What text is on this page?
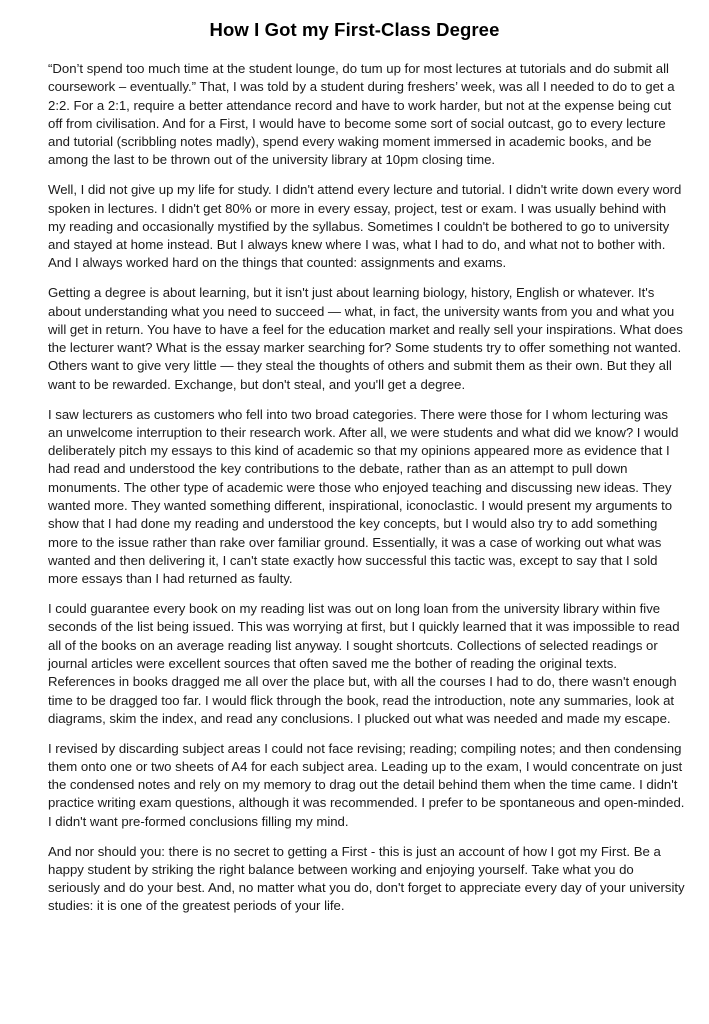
How I Got my First-Class Degree

“Don’t spend too much time at the student lounge, do tum up for most lectures at tutorials and do submit all coursework – eventually.” That, I was told by a student during freshers’ week, was all I needed to do to get a 2:2. For a 2:1, require a better attendance record and have to work harder, but not at the expense being cut off from civilisation. And for a First, I would have to become some sort of social outcast, go to every lecture and tutorial (scribbling notes madly), spend every waking moment immersed in academic books, and be among the last to be thrown out of the university library at 10pm closing time.

Well, I did not give up my life for study. I didn't attend every lecture and tutorial. I didn't write down every word spoken in lectures. I didn't get 80% or more in every essay, project, test or exam. I was usually behind with my reading and occasionally mystified by the syllabus. Sometimes I couldn't be bothered to go to university and stayed at home instead. But I always knew where I was, what I had to do, and what not to bother with. And I always worked hard on the things that counted: assignments and exams.

Getting a degree is about learning, but it isn't just about learning biology, history, English or whatever. It's about understanding what you need to succeed — what, in fact, the university wants from you and what you will get in return. You have to have a feel for the education market and really sell your inspirations. What does the lecturer want? What is the essay marker searching for? Some students try to offer something not wanted. Others want to give very little — they steal the thoughts of others and submit them as their own. But they all want to be rewarded. Exchange, but don't steal, and you'll get a degree.

I saw lecturers as customers who fell into two broad categories. There were those for I whom lecturing was an unwelcome interruption to their research work. After all, we were students and what did we know? I would deliberately pitch my essays to this kind of academic so that my opinions appeared more as evidence that I had read and understood the key contributions to the debate, rather than as an attempt to pull down monuments. The other type of academic were those who enjoyed teaching and discussing new ideas. They wanted more. They wanted something different, inspirational, iconoclastic. I would present my arguments to show that I had done my reading and understood the key concepts, but I would also try to add something more to the issue rather than rake over familiar ground. Essentially, it was a case of working out what was wanted and then delivering it, I can't state exactly how successful this tactic was, except to say that I sold more essays than I had returned as faulty.

I could guarantee every book on my reading list was out on long loan from the university library within five seconds of the list being issued. This was worrying at first, but I quickly learned that it was impossible to read all of the books on an average reading list anyway. I sought shortcuts. Collections of selected readings or journal articles were excellent sources that often saved me the bother of reading the original texts. References in books dragged me all over the place but, with all the courses I had to do, there wasn't enough time to be dragged too far. I would flick through the book, read the introduction, note any summaries, look at diagrams, skim the index, and read any conclusions. I plucked out what was needed and made my escape.

I revised by discarding subject areas I could not face revising; reading; compiling notes; and then condensing them onto one or two sheets of A4 for each subject area. Leading up to the exam, I would concentrate on just the condensed notes and rely on my memory to drag out the detail behind them when the time came. I didn't practice writing exam questions, although it was recommended. I prefer to be spontaneous and open-minded. I didn't want pre-formed conclusions filling my mind.

And nor should you: there is no secret to getting a First - this is just an account of how I got my First. Be a happy student by striking the right balance between working and enjoying yourself. Take what you do seriously and do your best. And, no matter what you do, don't forget to appreciate every day of your university studies: it is one of the greatest periods of your life.
